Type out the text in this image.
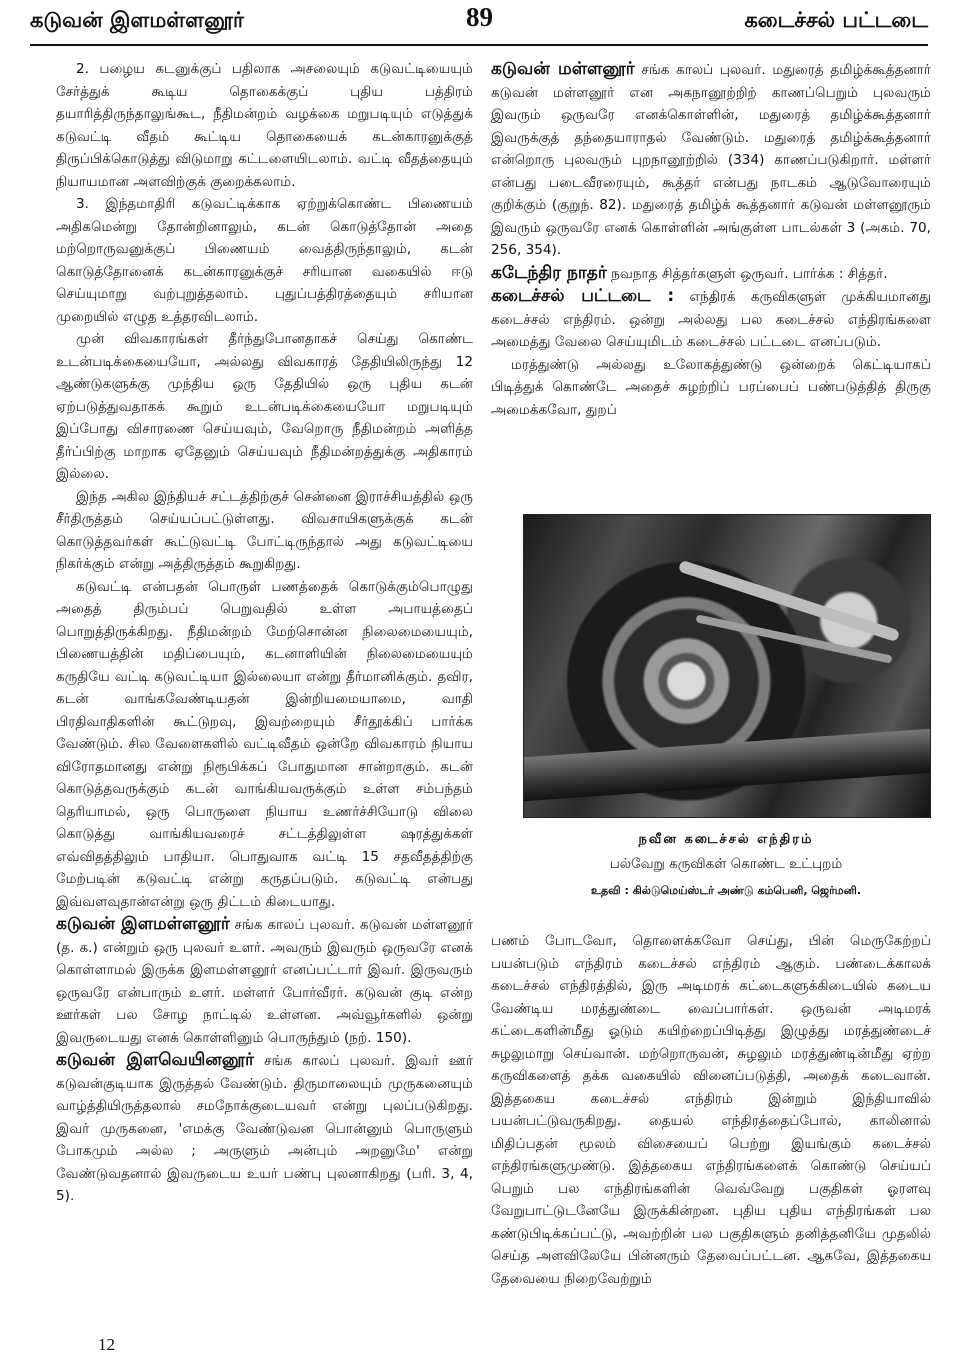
கடுவன் இளமள்ளனூர்	89	கடைச்சல் பட்டடை

2. பழைய கடனுக்குப் பதிலாக அசலையும் கடுவட்டியையும் சேர்த்துக் கூடிய தொகைக்குப் புதிய பத்திரம் தயாரித்திருந்தாலுங்கூட, நீதிமன்றம் வழக்கை மறுபடியும் எடுத்துக் கடுவட்டி வீதம் கூட்டிய தொகையைக் கடன்காரனுக்குத் திருப்பிக்கொடுத்து விடுமாறு கட்டளையிடலாம். வட்டி வீதத்தையும் நியாயமான அளவிற்குக் குறைக்கலாம்.

3. இந்தமாதிரி கடுவட்டிக்காக ஏற்றுக்கொண்ட பிணையம் அதிகமென்று தோன்றினாலும், கடன் கொடுத்தோன் அதை மற்றொருவனுக்குப் பிணையம் வைத்திருந்தாலும், கடன் கொடுத்தோனைக் கடன்காரனுக்குச் சரியான வகையில் ஈடு செய்யுமாறு வற்புறுத்தலாம். புதுப்பத்திரத்தையும் சரியான முறையில் எழுத உத்தரவிடலாம்.

முன் விவகாரங்கள் தீர்ந்துபோனதாகச் செய்து கொண்ட உடன்படிக்கையையோ, அல்லது விவகாரத் தேதியிலிருந்து 12 ஆண்டுகளுக்கு முந்திய ஒரு தேதியில் ஒரு புதிய கடன் ஏற்படுத்துவதாகக் கூறும் உடன்படிக்கையையோ மறுபடியும் இப்போது விசாரணை செய்யவும், வேறொரு நீதிமன்றம் அளித்த தீர்ப்பிற்கு மாறாக ஏதேனும் செய்யவும் நீதிமன்றத்துக்கு அதிகாரம் இல்லை.

இந்த அகில இந்தியச் சட்டத்திற்குச் சென்னை இராச்சியத்தில் ஒரு சீர்திருத்தம் செய்யப்பட்டுள்ளது. விவசாயிகளுக்குக் கடன் கொடுத்தவர்கள் கூட்டுவட்டி போட்டிருந்தால் அது கடுவட்டியை நிகர்க்கும் என்று அத்திருத்தம் கூறுகிறது.

கடுவட்டி என்பதன் பொருள் பணத்தைக் கொடுக்கும்பொழுது அதைத் திரும்பப் பெறுவதில் உள்ள அபாயத்தைப் பொறுத்திருக்கிறது. நீதிமன்றம் மேற்சொன்ன நிலைமையையும், பிணையத்தின் மதிப்பையும், கடனாளியின் நிலைமையையும் கருதியே வட்டி கடுவட்டியா இல்லையா என்று தீர்மானிக்கும். தவிர, கடன் வாங்கவேண்டியதன் இன்றியமையாமை, வாதி பிரதிவாதிகளின் கூட்டுறவு, இவற்றையும் சீர்தூக்கிப் பார்க்க வேண்டும். சில வேளைகளில் வட்டிவீதம் ஒன்றே விவகாரம் நியாய விரோதமானது என்று நிரூபிக்கப் போதுமான சான்றாகும். கடன் கொடுத்தவருக்கும் கடன் வாங்கியவருக்கும் உள்ள சம்பந்தம் தெரியாமல், ஒரு பொருளை நியாய உணர்ச்சியோடு விலை கொடுத்து வாங்கியவரைச் சட்டத்திலுள்ள ஷரத்துக்கள் எவ்விதத்திலும் பாதியா. பொதுவாக வட்டி 15 சதவீதத்திற்கு மேற்படின் கடுவட்டி என்று கருதப்படும். கடுவட்டி என்பது இவ்வளவுதான்என்று ஒரு திட்டம் கிடையாது.

கடுவன் இளமள்ளனூர் சங்க காலப் புலவர். கடுவன் மள்ளனூர் (த. க.) என்றும் ஒரு புலவர் உளர். அவரும் இவரும் ஒருவரே எனக் கொள்ளாமல் இருக்க இளமள்ளனூர் எனப்பட்டார் இவர். இருவரும் ஒருவரே என்பாரும் உளர். மள்ளர் போர்வீரர். கடுவன் குடி என்ற ஊர்கள் பல சோழ நாட்டில் உள்ளன. அவ்வூர்களில் ஒன்று இவருடையது எனக் கொள்ளினும் பொருந்தும் (நற். 150).

கடுவன் இளவெயினனூர் சங்க காலப் புலவர். இவர் ஊர் கடுவன்குடியாக இருத்தல் வேண்டும். திருமாலையும் முருகனையும் வாழ்த்தியிருத்தலால் சமநோக்குடையவர் என்று புலப்படுகிறது. இவர் முருகனை, 'எமக்கு வேண்டுவன பொன்னும் பொருளும் போகமும் அல்ல ; அருளும் அன்பும் அறனுமே' என்று வேண்டுவதனால் இவருடைய உயர் பண்பு புலனாகிறது (பரி. 3, 4, 5).

கடுவன் மள்ளனூர் சங்க காலப் புலவர். மதுரைத் தமிழ்க்கூத்தனார் கடுவன் மள்ளனூர் என அகநானூற்றிற் காணப்பெறும் புலவரும் இவரும் ஒருவரே எனக்கொள்ளின், மதுரைத் தமிழ்க்கூத்தனார் இவருக்குத் தந்தையாராதல் வேண்டும். மதுரைத் தமிழ்க்கூத்தனார் என்றொரு புலவரும் புறநானூற்றில் (334) காணப்படுகிறார். மள்ளர் என்பது படைவீரரையும், கூத்தர் என்பது நாடகம் ஆடுவோரையும் குறிக்கும் (குறுந். 82). மதுரைத் தமிழ்க் கூத்தனார் கடுவன் மள்ளனூரும் இவரும் ஒருவரே எனக் கொள்ளின் அங்குள்ள பாடல்கள் 3 (அகம். 70, 256, 354).

கடேந்திர நாதர் நவநாத சித்தர்களுள் ஒருவர். பார்க்க : சித்தர்.

கடைச்சல் பட்டடை : எந்திரக் கருவிகளுள் முக்கியமானது கடைச்சல் எந்திரம். ஒன்று அல்லது பல கடைச்சல் எந்திரங்களை அமைத்து வேலை செய்யுமிடம் கடைச்சல் பட்டடை எனப்படும்.

மரத்துண்டு அல்லது உலோகத்துண்டு ஒன்றைக் கெட்டியாகப் பிடித்துக் கொண்டே அதைச் சுழற்றிப் பரப்பைப் பண்படுத்தித் திருகு அமைக்கவோ, துறப்

நவீன கடைச்சல் எந்திரம்
பல்வேறு கருவிகள் கொண்ட உட்புறம்
உதவி : கில்டுமெய்ஸ்டர் அண்டு கம்பெனி, ஜெர்மனி.

பணம் போடவோ, தொளைக்கவோ செய்து, பின் மெருகேற்றப் பயன்படும் எந்திரம் கடைச்சல் எந்திரம் ஆகும். பண்டைக்காலக் கடைச்சல் எந்திரத்தில், இரு அடிமரக் கட்டைகளுக்கிடையில் கடைய வேண்டிய மரத்துண்டை வைப்பார்கள். ஒருவன் அடிமரக் கட்டைகளின்மீது ஓடும் கயிற்றைப்பிடித்து இழுத்து மரத்துண்டைச் சுழலுமாறு செய்வான். மற்றொருவன், சுழலும் மரத்துண்டின்மீது ஏற்ற கருவிகளைத் தக்க வகையில் வினைப்படுத்தி, அதைக் கடைவான். இத்தகைய கடைச்சல் எந்திரம் இன்றும் இந்தியாவில் பயன்பட்டுவருகிறது. தையல் எந்திரத்தைப்போல், காலினால் மிதிப்பதன் மூலம் விசையைப் பெற்று இயங்கும் கடைச்சல் எந்திரங்களுமுண்டு. இத்தகைய எந்திரங்களைக் கொண்டு செய்யப் பெறும் பல எந்திரங்களின் வெவ்வேறு பகுதிகள் ஓரளவு வேறுபாட்டுடனேயே இருக்கின்றன. புதிய புதிய எந்திரங்கள் பல கண்டுபிடிக்கப்பட்டு, அவற்றின் பல பகுதிகளும் தனித்தனியே முதலில் செய்த அளவிலேயே பின்னரும் தேவைப்பட்டன. ஆகவே, இத்தகைய தேவையை நிறைவேற்றும்

12
